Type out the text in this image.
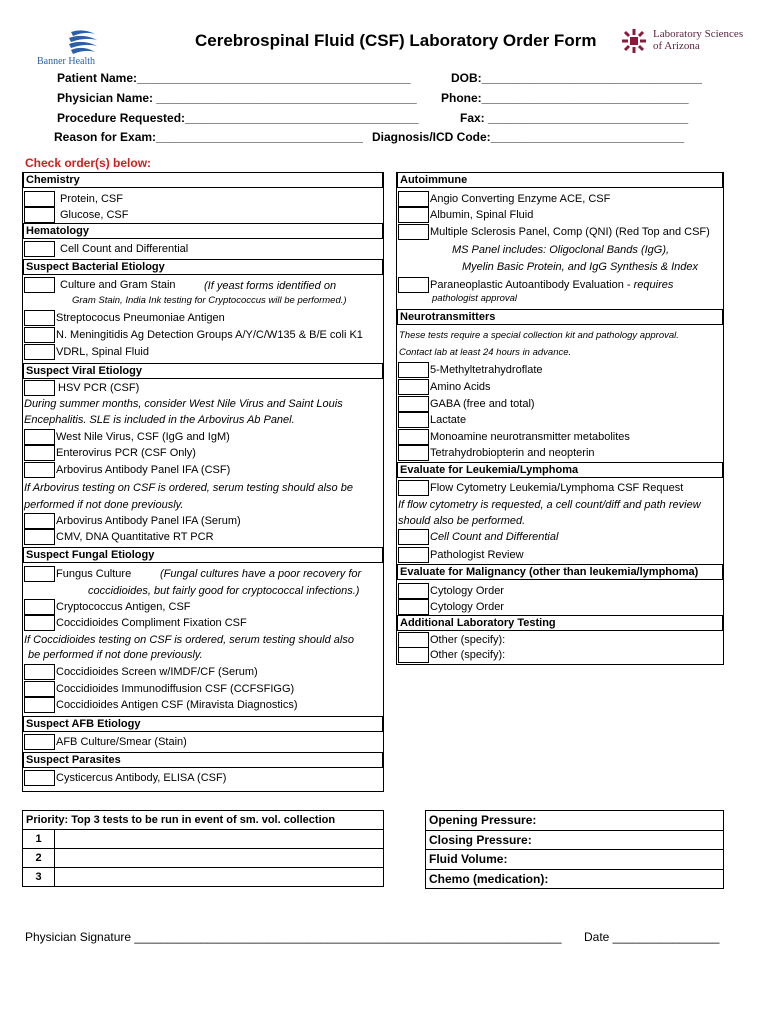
Banner Health
Cerebrospinal Fluid (CSF) Laboratory Order Form	Laboratory Sciences
of Arizona
Patient Name:_________________________________________	DOB:_________________________________
Physician Name: _______________________________________ Phone:_______________________________
Procedure Requested:___________________________________	Fax: ______________________________
Reason for Exam:_______________________________ Diagnosis/ICD Code:_____________________________
Check order(s) below:
Chemistry
Protein, CSF
Glucose, CSF
Hematology
Cell Count and Differential
Suspect Bacterial Etiology
Culture and Gram Stain	(If yeast forms identified on
Gram Stain, India Ink testing for Cryptococcus will be performed.)
Streptococus Pneumoniae Antigen
N. Meningitidis Ag Detection Groups A/Y/C/W135 & B/E coli K1
VDRL, Spinal Fluid
Suspect Viral Etiology
HSV PCR (CSF)
During summer months, consider West Nile Virus and Saint Louis
Encephalitis. SLE is included in the Arbovirus Ab Panel.
West Nile Virus, CSF (IgG and IgM)
Enterovirus PCR (CSF Only)
Arbovirus Antibody Panel IFA (CSF)
If Arbovirus testing on CSF is ordered, serum testing should also be
performed if not done previously.
Arbovirus Antibody Panel IFA (Serum)
CMV, DNA Quantitative RT PCR
Suspect Fungal Etiology
Fungus Culture	(Fungal cultures have a poor recovery for
coccidioides, but fairly good for cryptococcal infections.)
Cryptococcus Antigen, CSF
Coccidioides Compliment Fixation CSF
If Coccidioides testing on CSF is ordered, serum testing should also
be performed if not done previously.
Coccidioides Screen w/IMDF/CF (Serum)
Coccidioides Immunodiffusion CSF (CCFSFIGG)
Coccidioides Antigen CSF (Miravista Diagnostics)
Suspect AFB Etiology
AFB Culture/Smear (Stain)
Suspect Parasites
Cysticercus Antibody, ELISA (CSF)
Autoimmune
Angio Converting Enzyme ACE, CSF
Albumin, Spinal Fluid
Multiple Sclerosis Panel, Comp (QNI) (Red Top and CSF)
MS Panel includes: Oligoclonal Bands (IgG),
Myelin Basic Protein, and IgG Synthesis & Index
Paraneoplastic Autoantibody Evaluation - requires
pathologist approval
Neurotransmitters
These tests require a special collection kit and pathology approval.
Contact lab at least 24 hours in advance.
5-Methyltetrahydroflate
Amino Acids
GABA (free and total)
Lactate
Monoamine neurotransmitter metabolites
Tetrahydrobiopterin and neopterin
Evaluate for Leukemia/Lymphoma
Flow Cytometry Leukemia/Lymphoma CSF Request
If flow cytometry is requested, a cell count/diff and path review
should also be performed.
Cell Count and Differential
Pathologist Review
Evaluate for Malignancy (other than leukemia/lymphoma)
Cytology Order
Cytology Order
Additional Laboratory Testing
Other (specify):
Other (specify):
Priority: Top 3 tests to be run in event of sm. vol. collection	
1	
2	
3	
Opening Pressure:
Closing Pressure:
Fluid Volume:
Chemo (medication):
Physician Signature ________________________________________________________________ Date ________________
